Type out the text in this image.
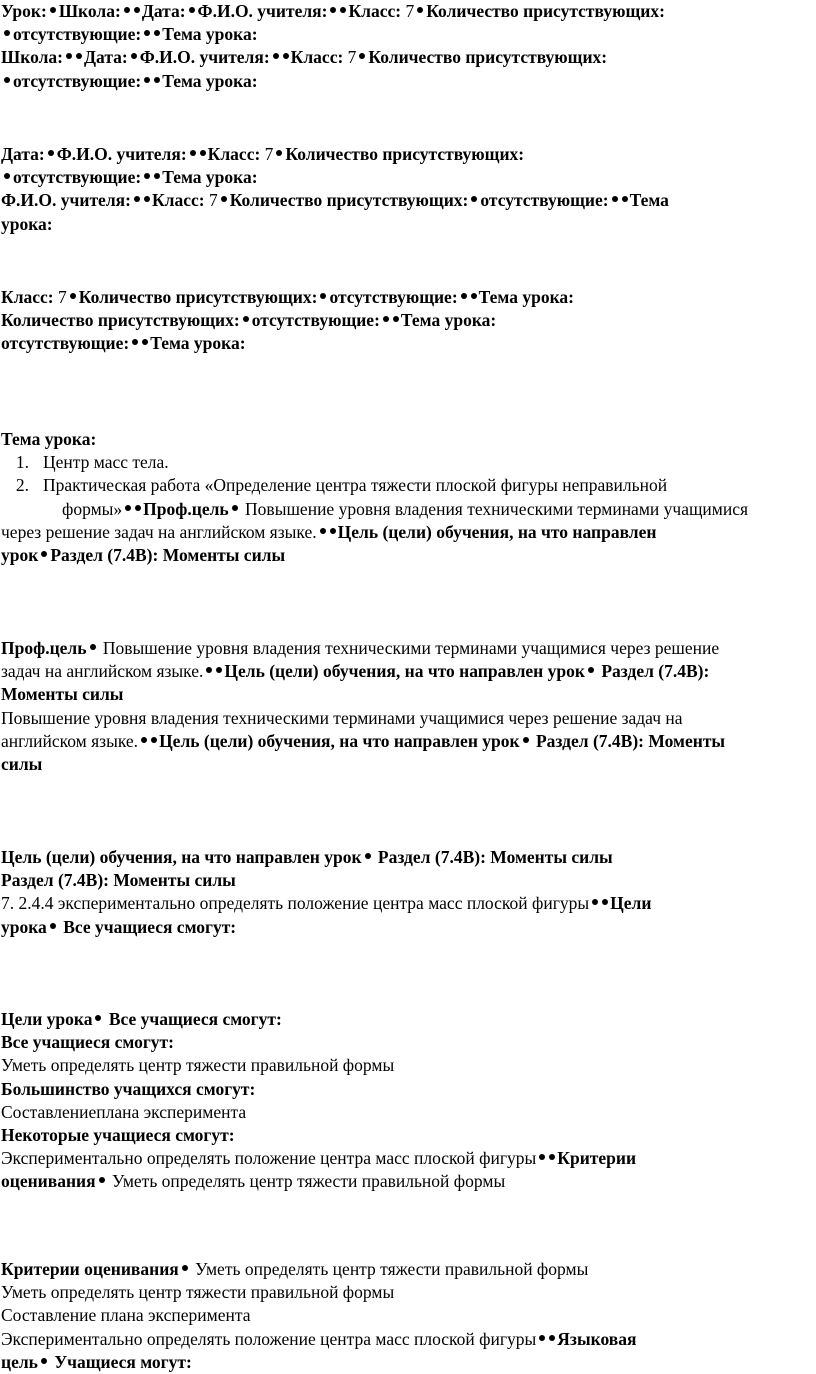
Урок: Школа: Дата: Ф.И.О. учителя: Класс: 7 Количество присутствующих:
отсутствующие: Тема урока:
Школа: Дата: Ф.И.О. учителя: Класс: 7 Количество присутствующих:
отсутствующие: Тема урока:
Дата: Ф.И.О. учителя: Класс: 7 Количество присутствующих:
отсутствующие: Тема урока:
Ф.И.О. учителя: Класс: 7 Количество присутствующих: отсутствующие: Тема
урока:
Класс: 7 Количество присутствующих: отсутствующие: Тема урока:
Количество присутствующих: отсутствующие: Тема урока:
отсутствующие: Тема урока:
Тема урока:
1. Центр масс тела.
2. Практическая работа «Определение центра тяжести плоской фигуры неправильной
формы» Проф.цель Повышение уровня владения техническими терминами учащимися
через решение задач на английском языке. Цель (цели) обучения, на что направлен
урок Раздел (7.4В): Моменты силы
Проф.цель Повышение уровня владения техническими терминами учащимися через решение
задач на английском языке. Цель (цели) обучения, на что направлен урок Раздел (7.4В):
Моменты силы
Повышение уровня владения техническими терминами учащимися через решение задач на
английском языке. Цель (цели) обучения, на что направлен урок Раздел (7.4В): Моменты
силы
Цель (цели) обучения, на что направлен урок Раздел (7.4В): Моменты силы
Раздел (7.4В): Моменты силы
7. 2.4.4 экспериментально определять положение центра масс плоской фигуры Цели
урока Все учащиеся смогут:
Цели урока Все учащиеся смогут:
Все учащиеся смогут:
Уметь определять центр тяжести правильной формы
Большинство учащихся смогут:
Составлениеплана эксперимента
Некоторые учащиеся смогут:
Экспериментально определять положение центра масс плоской фигуры Критерии
оценивания Уметь определять центр тяжести правильной формы
Критерии оценивания Уметь определять центр тяжести правильной формы
Уметь определять центр тяжести правильной формы
Составление плана эксперимента
Экспериментально определять положение центра масс плоской фигуры Языковая
цель Учащиеся могут:
